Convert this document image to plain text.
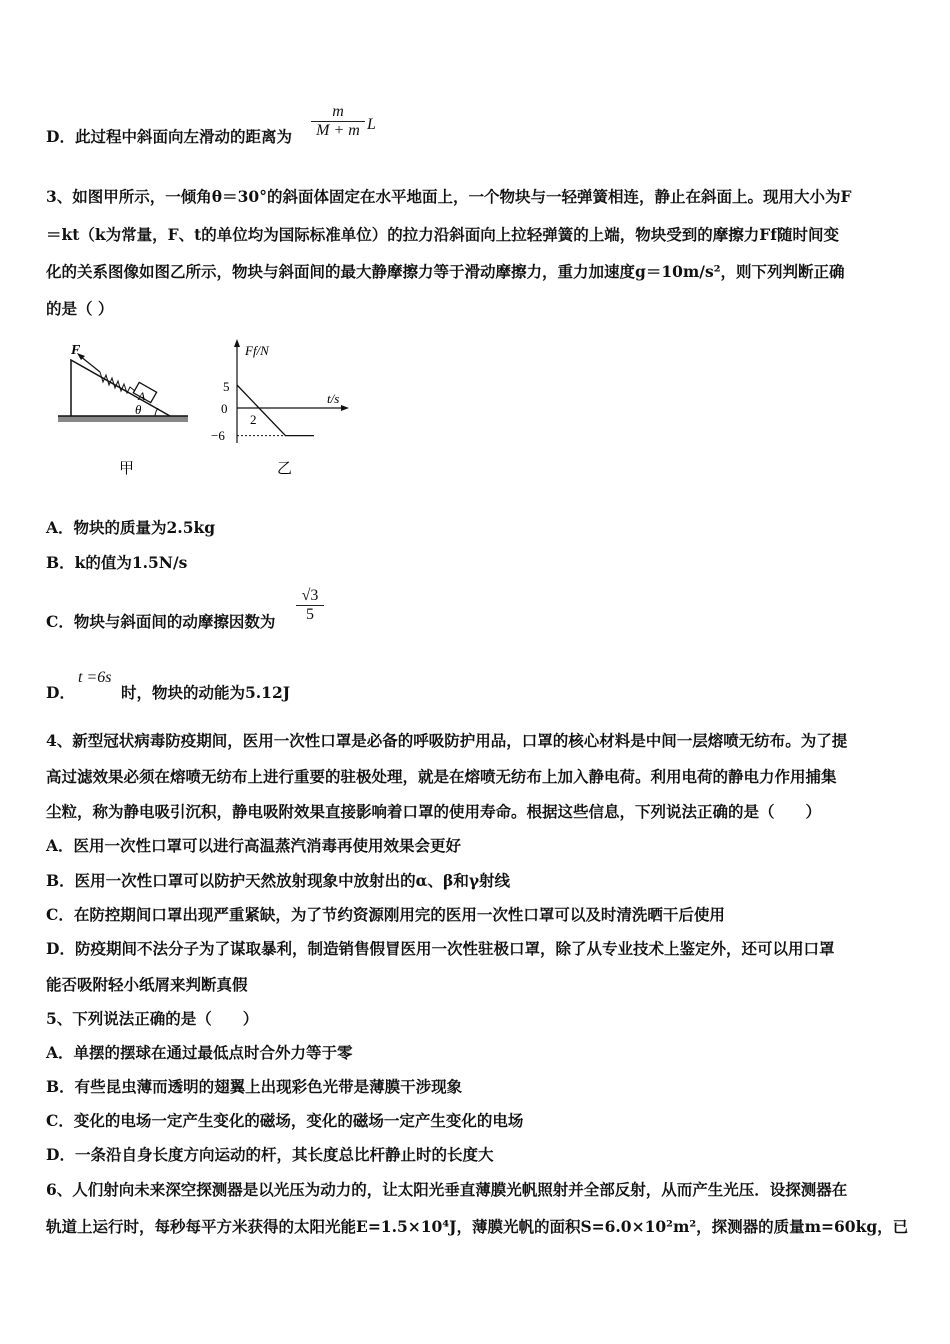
D．此过程中斜面向左滑动的距离为 $\frac{m}{M + m}$ L
3、如图甲所示，一倾角θ＝30°的斜面体固定在水平地面上，一个物块与一轻弹簧相连，静止在斜面上。现用大小为F
＝kt（k为常量，F、t的单位均为国际标准单位）的拉力沿斜面向上拉轻弹簧的上端，物块受到的摩擦力Ff随时间变
化的关系图像如图乙所示，物块与斜面间的最大静摩擦力等于滑动摩擦力，重力加速度g＝10m/s²，则下列判断正确
的是（ ）
F
A
θ
甲
Ff/N
t/s
5
0
−6
2
乙
A．物块的质量为2.5kg
B．k的值为1.5N/s
C．物块与斜面间的动摩擦因数为 $\frac{√3}{5}$
D．
t =6s
时，物块的动能为5.12J
4、新型冠状病毒防疫期间，医用一次性口罩是必备的呼吸防护用品，口罩的核心材料是中间一层熔喷无纺布。为了提
高过滤效果必须在熔喷无纺布上进行重要的驻极处理，就是在熔喷无纺布上加入静电荷。利用电荷的静电力作用捕集
尘粒，称为静电吸引沉积，静电吸附效果直接影响着口罩的使用寿命。根据这些信息，下列说法正确的是（　　）
A．医用一次性口罩可以进行高温蒸汽消毒再使用效果会更好
B．医用一次性口罩可以防护天然放射现象中放射出的α、β和γ射线
C．在防控期间口罩出现严重紧缺，为了节约资源刚用完的医用一次性口罩可以及时清洗晒干后使用
D．防疫期间不法分子为了谋取暴利，制造销售假冒医用一次性驻极口罩，除了从专业技术上鉴定外，还可以用口罩
能否吸附轻小纸屑来判断真假
5、下列说法正确的是（　　）
A．单摆的摆球在通过最低点时合外力等于零
B．有些昆虫薄而透明的翅翼上出现彩色光带是薄膜干涉现象
C．变化的电场一定产生变化的磁场，变化的磁场一定产生变化的电场
D．一条沿自身长度方向运动的杆，其长度总比杆静止时的长度大
6、人们射向未来深空探测器是以光压为动力的，让太阳光垂直薄膜光帆照射并全部反射，从而产生光压．设探测器在
轨道上运行时，每秒每平方米获得的太阳光能E=1.5×10⁴J，薄膜光帆的面积S=6.0×10²m²，探测器的质量m=60kg，已
